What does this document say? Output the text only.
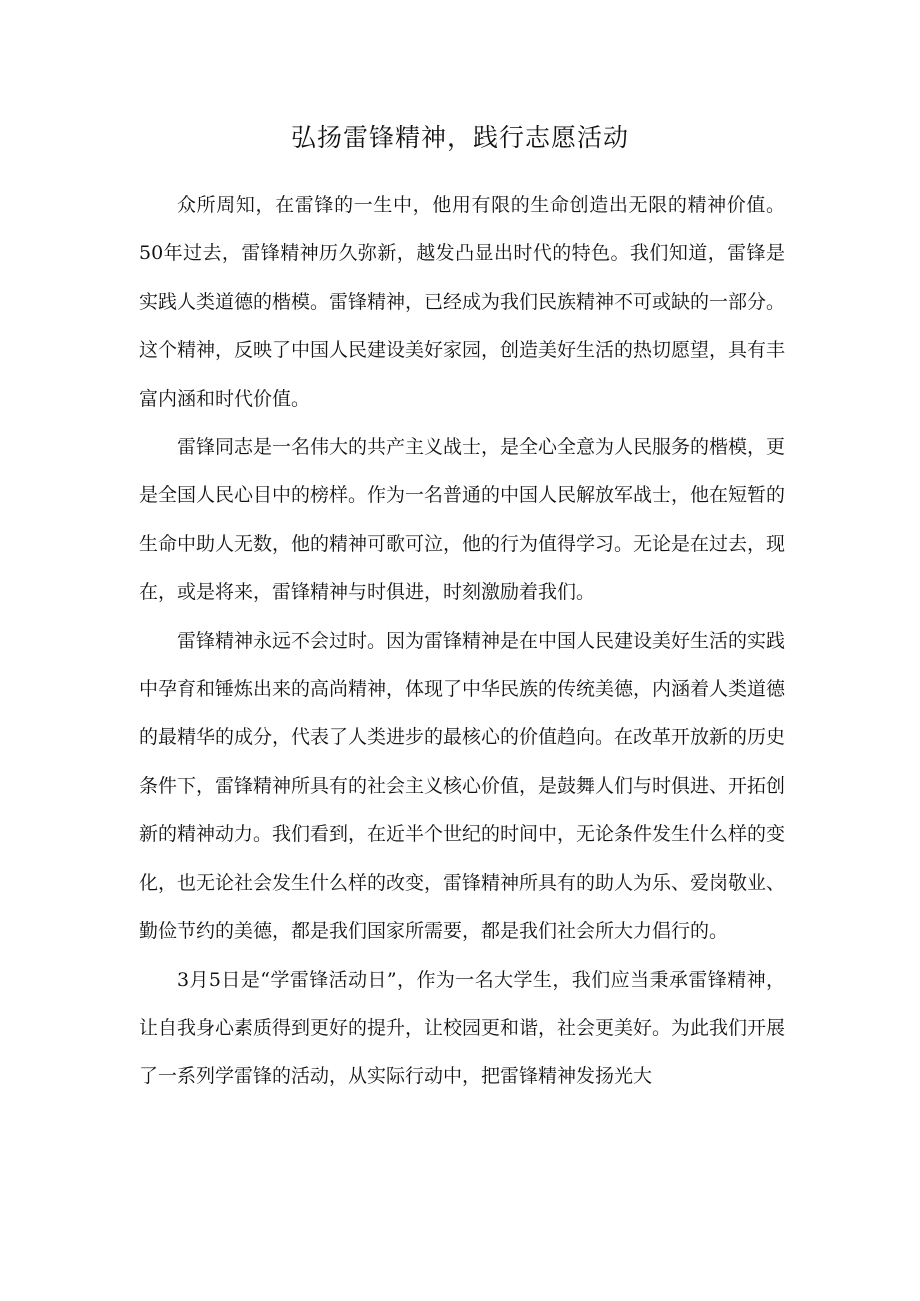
弘扬雷锋精神，践行志愿活动

众所周知，在雷锋的一生中，他用有限的生命创造出无限的精神价值。50年过去，雷锋精神历久弥新，越发凸显出时代的特色。我们知道，雷锋是实践人类道德的楷模。雷锋精神，已经成为我们民族精神不可或缺的一部分。这个精神，反映了中国人民建设美好家园，创造美好生活的热切愿望，具有丰富内涵和时代价值。

雷锋同志是一名伟大的共产主义战士，是全心全意为人民服务的楷模，更是全国人民心目中的榜样。作为一名普通的中国人民解放军战士，他在短暂的生命中助人无数，他的精神可歌可泣，他的行为值得学习。无论是在过去，现在，或是将来，雷锋精神与时俱进，时刻激励着我们。

雷锋精神永远不会过时。因为雷锋精神是在中国人民建设美好生活的实践中孕育和锤炼出来的高尚精神，体现了中华民族的传统美德，内涵着人类道德的最精华的成分，代表了人类进步的最核心的价值趋向。在改革开放新的历史条件下，雷锋精神所具有的社会主义核心价值，是鼓舞人们与时俱进、开拓创新的精神动力。我们看到，在近半个世纪的时间中，无论条件发生什么样的变化，也无论社会发生什么样的改变，雷锋精神所具有的助人为乐、爱岗敬业、勤俭节约的美德，都是我们国家所需要，都是我们社会所大力倡行的。

3月5日是“学雷锋活动日”，作为一名大学生，我们应当秉承雷锋精神，让自我身心素质得到更好的提升，让校园更和谐，社会更美好。为此我们开展了一系列学雷锋的活动，从实际行动中，把雷锋精神发扬光大
